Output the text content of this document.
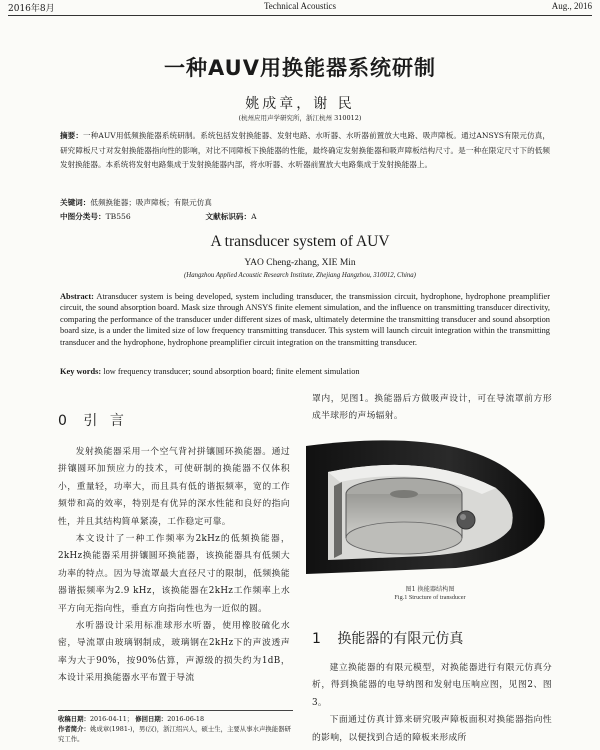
2016年8月	Technical Acoustics	Aug., 2016
一种AUV用换能器系统研制
姚成章，谢 民
(杭州应用声学研究所，浙江杭州 310012)
摘要：一种AUV用低频换能器系统研制。系统包括发射换能器、发射电路、水听器、水听器前置放大电路、吸声障板。通过ANSYS有限元仿真，研究障板尺寸对发射换能器指向性的影响，对比不同障板下换能器的性能，最终确定发射换能器和吸声障板结构尺寸。是一种在限定尺寸下的低频发射换能器。本系统将发射电路集成于发射换能器内部，将水听器、水听器前置放大电路集成于发射换能器上。
关键词：低频换能器；吸声障板；有限元仿真
中图分类号：TB556	文献标识码：A
A transducer system of AUV
YAO Cheng-zhang, XIE Min
(Hangzhou Applied Acoustic Research Institute, Zhejiang Hangzhou, 310012, China)
Abstract: Atransducer system is being developed, system including transducer, the transmission circuit, hydrophone, hydrophone preamplifier circuit, the sound absorption board. Mask size through ANSYS finite element simulation, and the influence on transmitting transducer directivity, comparing the performance of the transducer under different sizes of mask, ultimately determine the transmitting transducer and sound absorption board size, is a under the limited size of low frequency transmitting transducer. This system will launch circuit integration within the transmitting transducer and the hydrophone, hydrophone preamplifier circuit integration on the transmitting transducer.
Key words: low frequency transducer; sound absorption board; finite element simulation
0 引 言
发射换能器采用一个空气背衬拼镶圆环换能器。通过拼镶圆环加预应力的技术，可使研制的换能器不仅体积小，重量轻，功率大，而且具有低的谐振频率，宽的工作频带和高的效率，特别是有优异的深水性能和良好的指向性，并且其结构简单紧凑，工作稳定可靠。
本文设计了一种工作频率为2kHz的低频换能器，2kHz换能器采用拼镶圆环换能器，该换能器具有低频大功率的特点。因为导流罩最大直径尺寸的限制，低频换能器谐振频率为2.9 kHz，该换能器在2kHz工作频率上水平方向无指向性，垂直方向指向性也为一近似的圆。
水听器设计采用标准球形水听器，使用橡胶硫化水密，导流罩由玻璃钢制成，玻璃钢在2kHz下的声波透声率为大于90%，按90%估算，声源级的损失约为1dB，本设计采用换能器水平布置于导流
收稿日期：2016-04-11； 修回日期：2016-06-18
作者简介：姚成章(1981-)，男(汉)，浙江绍兴人，硕士生，主要从事水声换能器研究工作。
罩内，见图1。换能器后方做吸声设计，可在导流罩前方形成半球形的声场辐射。
图1 换能器结构图
Fig.1 Structure of transducer
1 换能器的有限元仿真
建立换能器的有限元模型，对换能器进行有限元仿真分析，得到换能器的电导纳图和发射电压响应图，见图2、图3。
下面通过仿真计算来研究吸声障板面积对换能器指向性的影响，以便找到合适的障板来形成所
